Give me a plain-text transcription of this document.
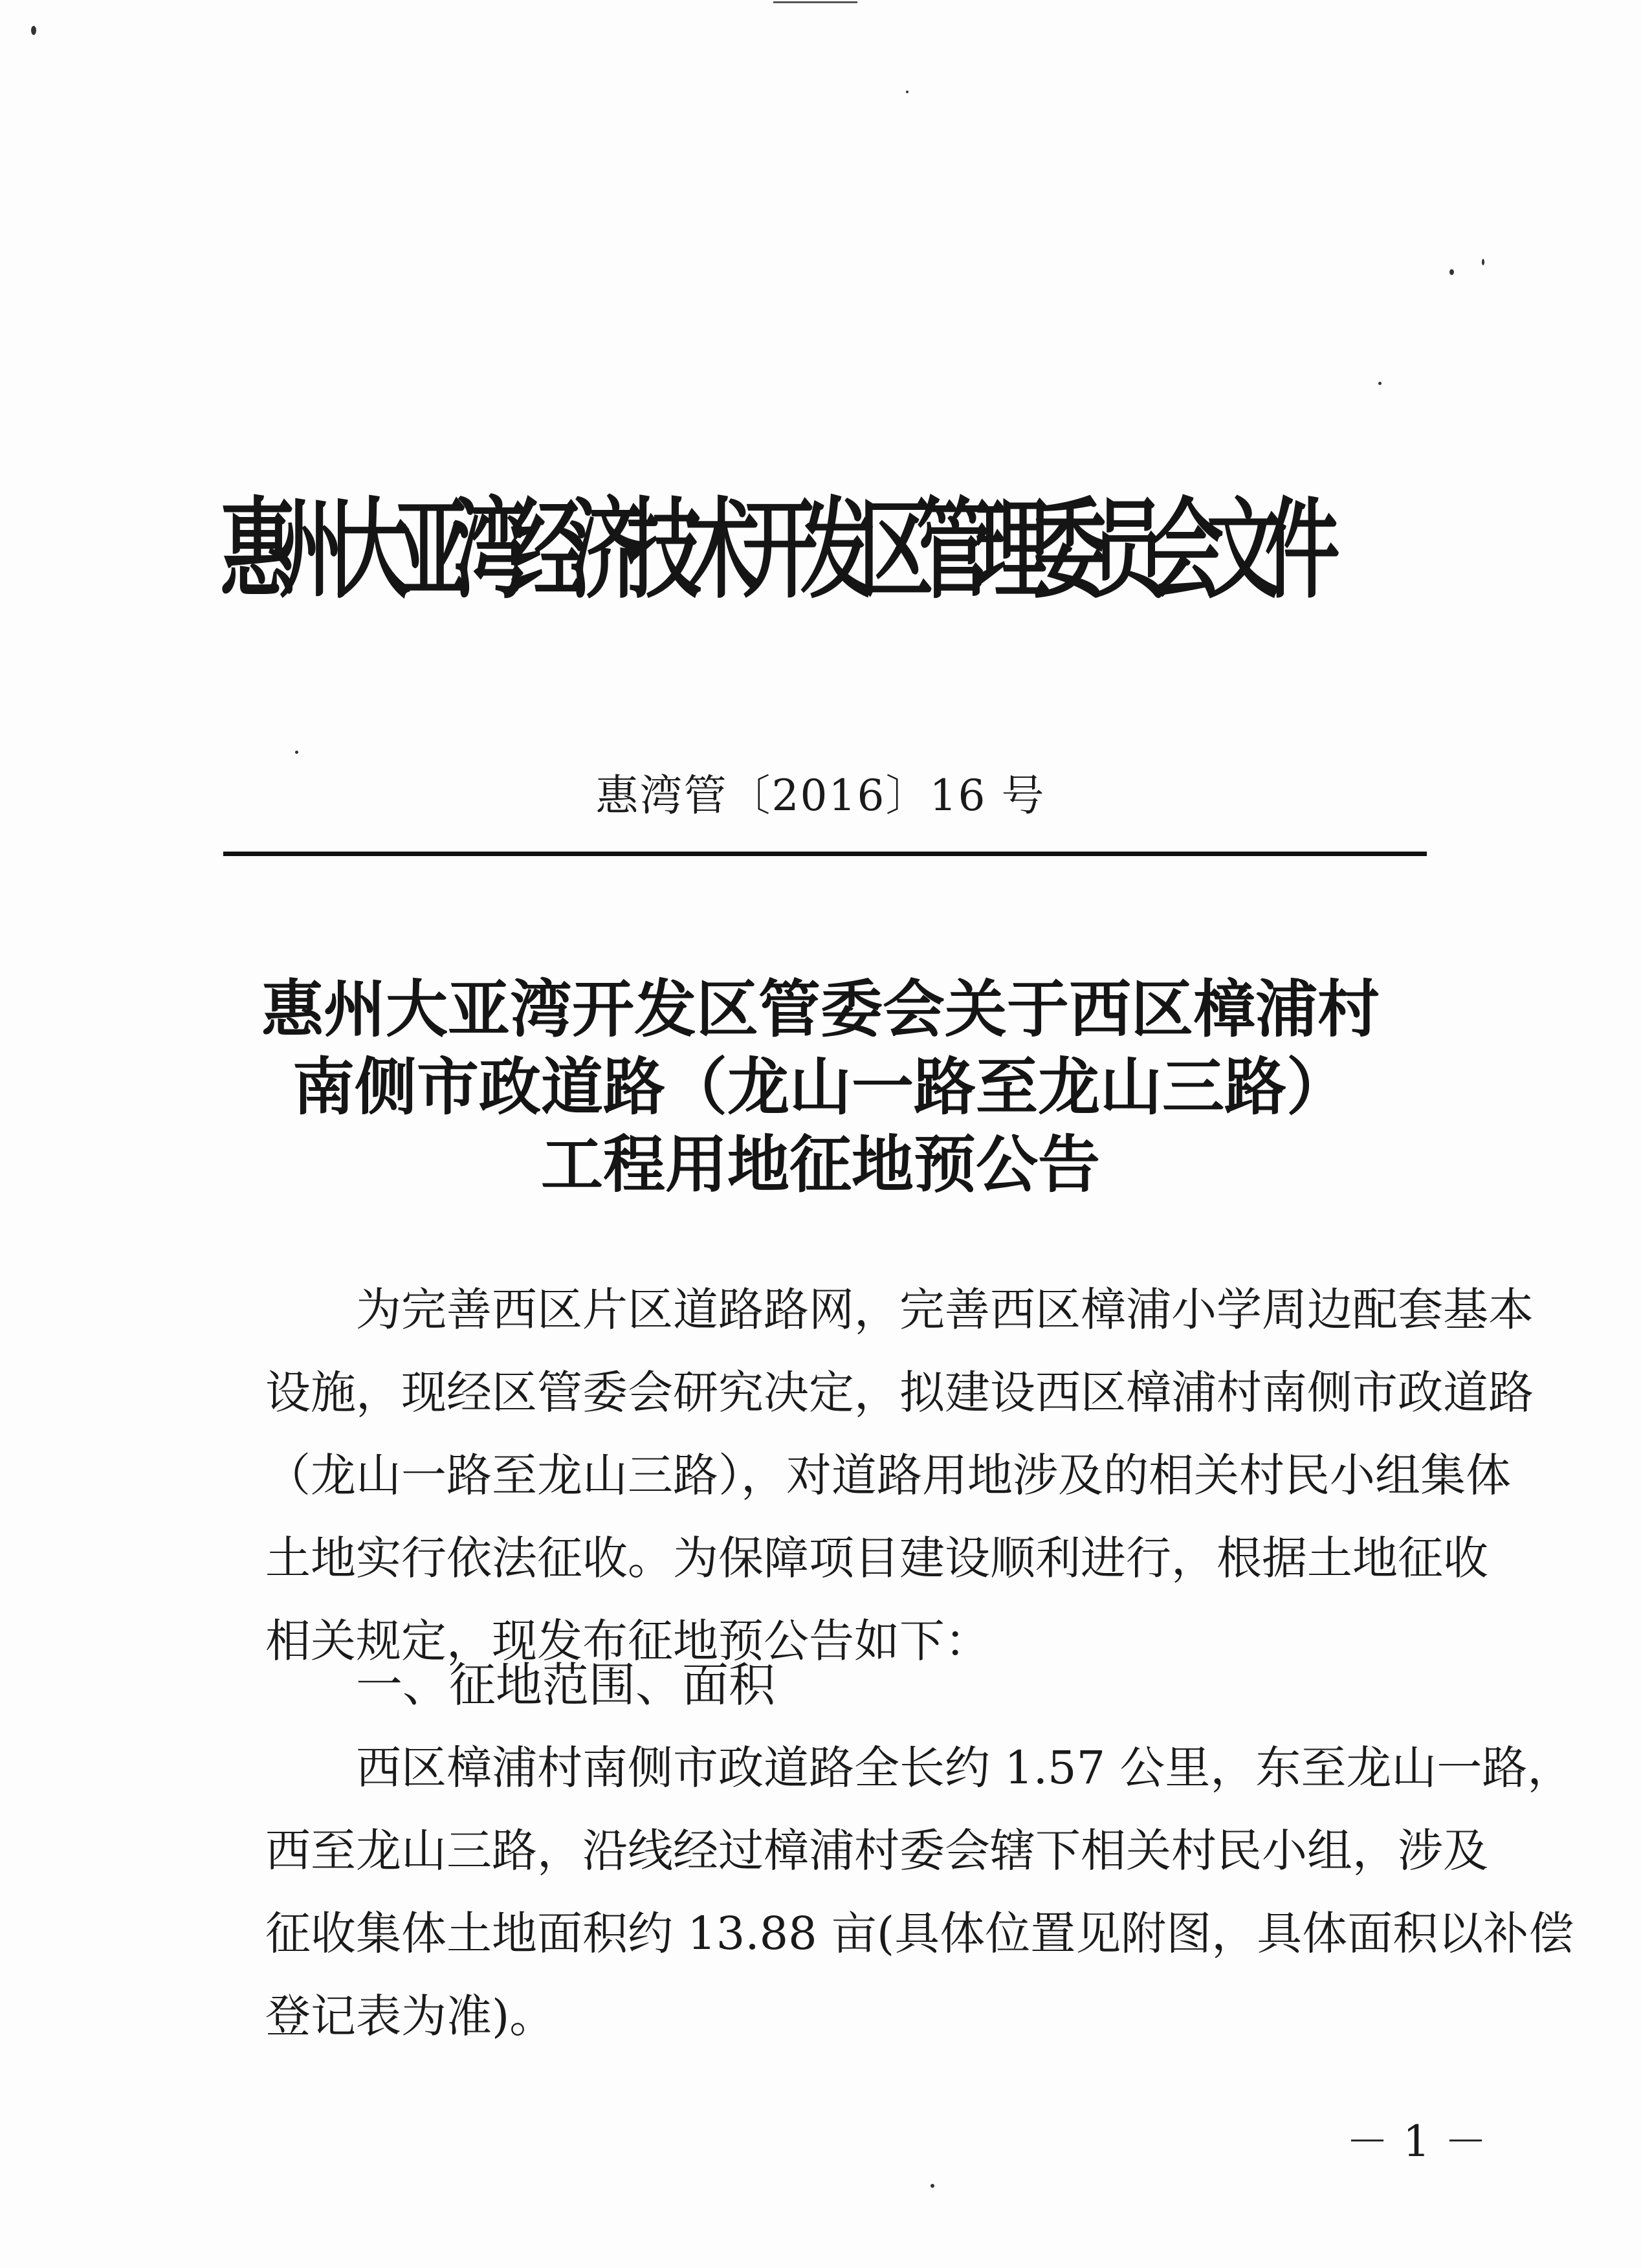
惠州大亚湾经济技术开发区管理委员会文件
惠湾管〔2016〕16 号
惠州大亚湾开发区管委会关于西区樟浦村
南侧市政道路（龙山一路至龙山三路）
工程用地征地预公告
为完善西区片区道路路网，完善西区樟浦小学周边配套基本
设施，现经区管委会研究决定，拟建设西区樟浦村南侧市政道路
（龙山一路至龙山三路），对道路用地涉及的相关村民小组集体
土地实行依法征收。为保障项目建设顺利进行，根据土地征收
相关规定，现发布征地预公告如下：
一、征地范围、面积
西区樟浦村南侧市政道路全长约 1.57 公里，东至龙山一路，
西至龙山三路，沿线经过樟浦村委会辖下相关村民小组，涉及
征收集体土地面积约 13.88 亩(具体位置见附图，具体面积以补偿
登记表为准)。
－1－
